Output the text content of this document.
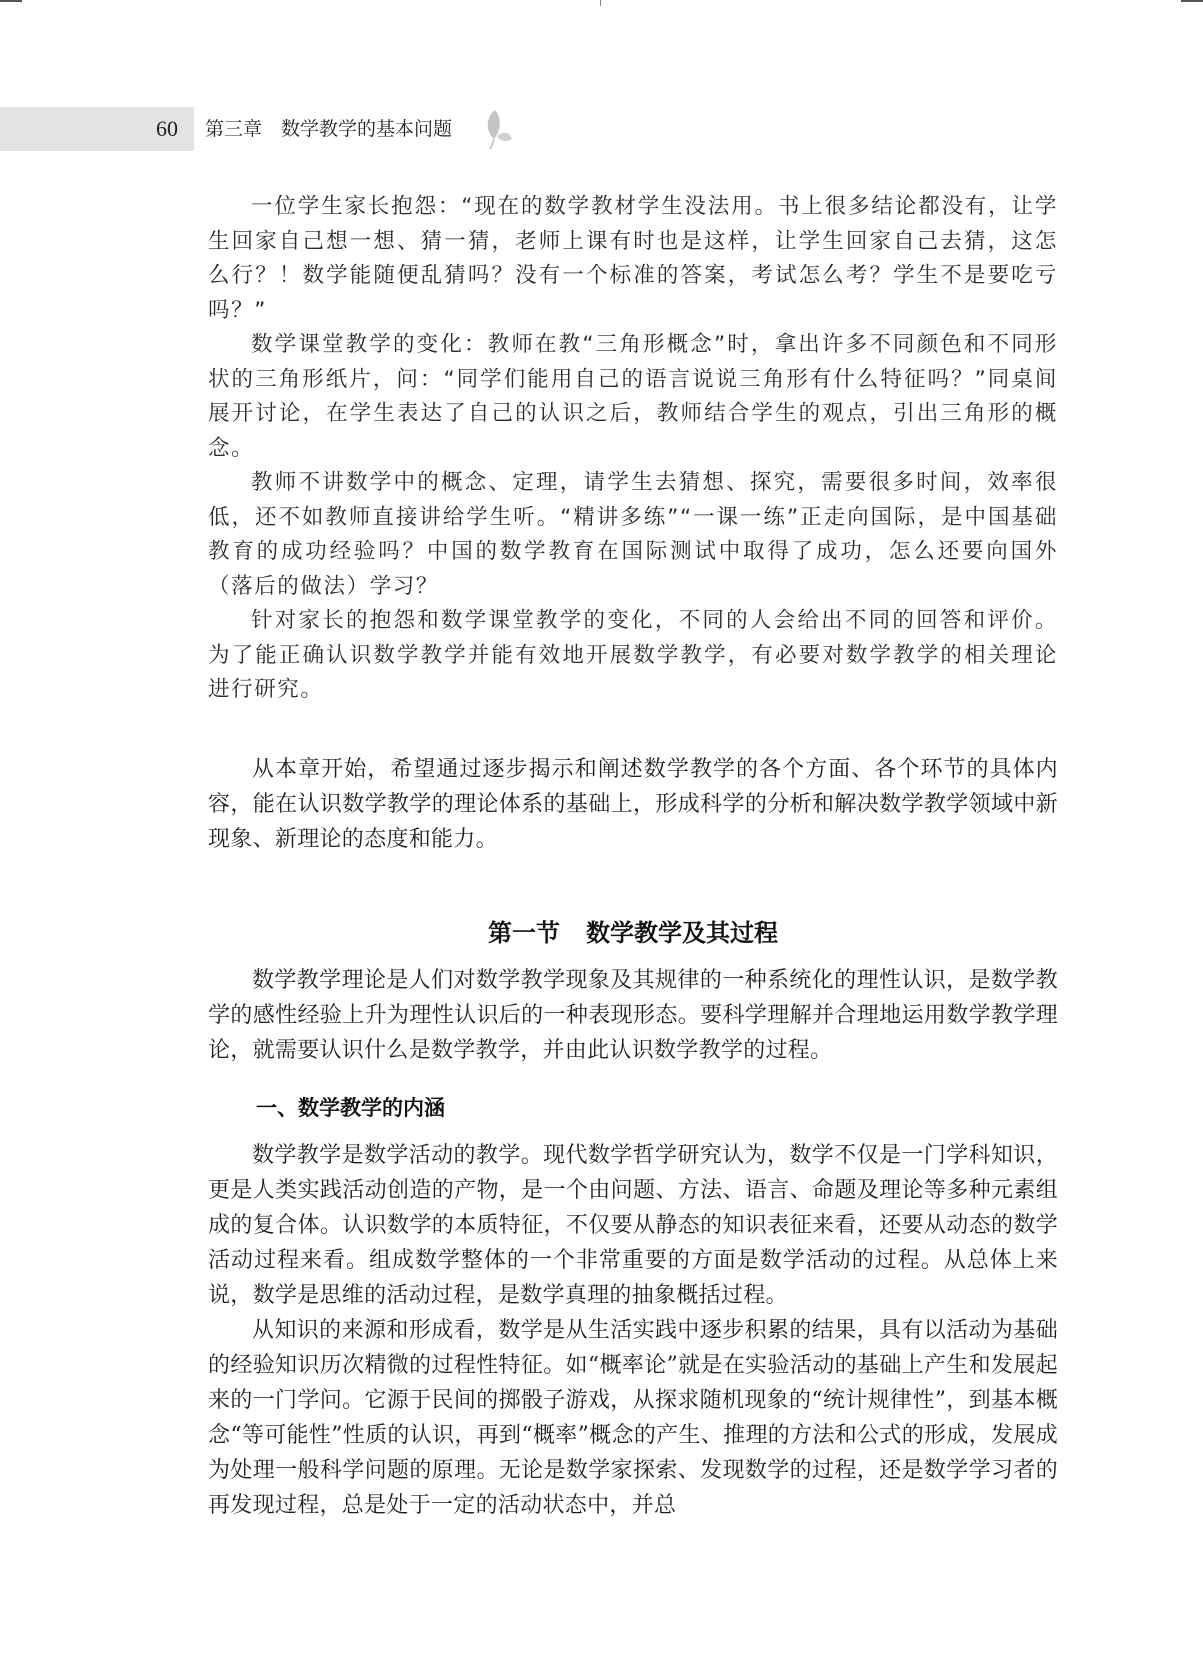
60 第三章　数学教学的基本问题

一位学生家长抱怨：“现在的数学教材学生没法用。书上很多结论都没有，让学生回家自己想一想、猜一猜，老师上课有时也是这样，让学生回家自己去猜，这怎么行？！数学能随便乱猜吗？没有一个标准的答案，考试怎么考？学生不是要吃亏吗？”

数学课堂教学的变化：教师在教“三角形概念”时，拿出许多不同颜色和不同形状的三角形纸片，问：“同学们能用自己的语言说说三角形有什么特征吗？”同桌间展开讨论，在学生表达了自己的认识之后，教师结合学生的观点，引出三角形的概念。

教师不讲数学中的概念、定理，请学生去猜想、探究，需要很多时间，效率很低，还不如教师直接讲给学生听。“精讲多练”“一课一练”正走向国际，是中国基础教育的成功经验吗？中国的数学教育在国际测试中取得了成功，怎么还要向国外（落后的做法）学习？

针对家长的抱怨和数学课堂教学的变化，不同的人会给出不同的回答和评价。为了能正确认识数学教学并能有效地开展数学教学，有必要对数学教学的相关理论进行研究。

从本章开始，希望通过逐步揭示和阐述数学教学的各个方面、各个环节的具体内容，能在认识数学教学的理论体系的基础上，形成科学的分析和解决数学教学领域中新现象、新理论的态度和能力。

第一节 数学教学及其过程

数学教学理论是人们对数学教学现象及其规律的一种系统化的理性认识，是数学教学的感性经验上升为理性认识后的一种表现形态。要科学理解并合理地运用数学教学理论，就需要认识什么是数学教学，并由此认识数学教学的过程。

一、数学教学的内涵

数学教学是数学活动的教学。现代数学哲学研究认为，数学不仅是一门学科知识，更是人类实践活动创造的产物，是一个由问题、方法、语言、命题及理论等多种元素组成的复合体。认识数学的本质特征，不仅要从静态的知识表征来看，还要从动态的数学活动过程来看。组成数学整体的一个非常重要的方面是数学活动的过程。从总体上来说，数学是思维的活动过程，是数学真理的抽象概括过程。

从知识的来源和形成看，数学是从生活实践中逐步积累的结果，具有以活动为基础的经验知识历次精微的过程性特征。如“概率论”就是在实验活动的基础上产生和发展起来的一门学问。它源于民间的掷骰子游戏，从探求随机现象的“统计规律性”，到基本概念“等可能性”性质的认识，再到“概率”概念的产生、推理的方法和公式的形成，发展成为处理一般科学问题的原理。无论是数学家探索、发现数学的过程，还是数学学习者的再发现过程，总是处于一定的活动状态中，并总
